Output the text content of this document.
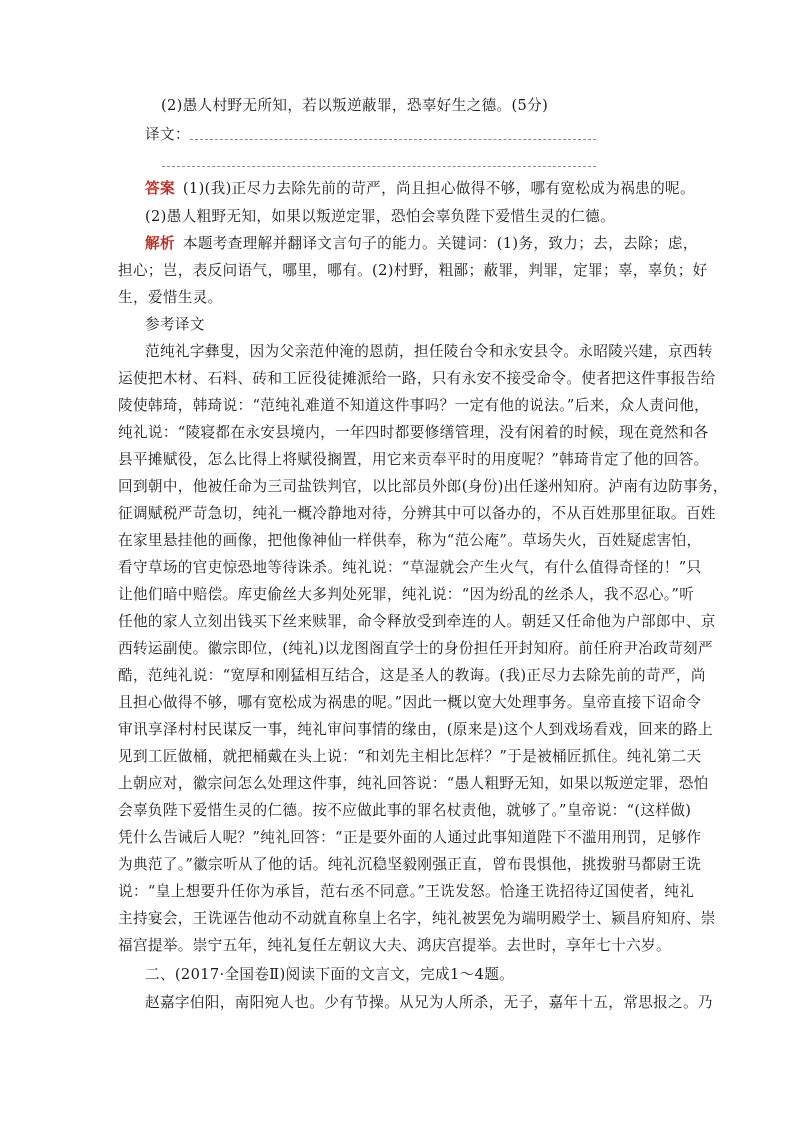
(2)愚人村野无所知，若以叛逆蔽罪，恐辜好生之德。(5分)
译文：
答案 (1)(我)正尽力去除先前的苛严，尚且担心做得不够，哪有宽松成为祸患的呢。
(2)愚人粗野无知，如果以叛逆定罪，恐怕会辜负陛下爱惜生灵的仁德。
解析 本题考查理解并翻译文言句子的能力。关键词：(1)务，致力；去，去除；虑，
担心；岂，表反问语气，哪里，哪有。(2)村野，粗鄙；蔽罪，判罪，定罪；辜，辜负；好
生，爱惜生灵。
参考译文
范纯礼字彝叟，因为父亲范仲淹的恩荫，担任陵台令和永安县令。永昭陵兴建，京西转
运使把木材、石料、砖和工匠役徒摊派给一路，只有永安不接受命令。使者把这件事报告给
陵使韩琦，韩琦说：“范纯礼难道不知道这件事吗？一定有他的说法。”后来，众人责问他，
纯礼说：“陵寝都在永安县境内，一年四时都要修缮管理，没有闲着的时候，现在竟然和各
县平摊赋役，怎么比得上将赋役搁置，用它来贡奉平时的用度呢？”韩琦肯定了他的回答。
回到朝中，他被任命为三司盐铁判官，以比部员外郎(身份)出任遂州知府。泸南有边防事务，
征调赋税严苛急切，纯礼一概冷静地对待，分辨其中可以备办的，不从百姓那里征取。百姓
在家里悬挂他的画像，把他像神仙一样供奉，称为“范公庵”。草场失火，百姓疑虑害怕，
看守草场的官吏惊恐地等待诛杀。纯礼说：“草湿就会产生火气，有什么值得奇怪的！”只
让他们暗中赔偿。库吏偷丝大多判处死罪，纯礼说：“因为纷乱的丝杀人，我不忍心。”听
任他的家人立刻出钱买下丝来赎罪，命令释放受到牵连的人。朝廷又任命他为户部郎中、京
西转运副使。徽宗即位，(纯礼)以龙图阁直学士的身份担任开封知府。前任府尹冶政苛刻严
酷，范纯礼说：“宽厚和刚猛相互结合，这是圣人的教诲。(我)正尽力去除先前的苛严，尚
且担心做得不够，哪有宽松成为祸患的呢。”因此一概以宽大处理事务。皇帝直接下诏命令
审讯享泽村村民谋反一事，纯礼审问事情的缘由，(原来是)这个人到戏场看戏，回来的路上
见到工匠做桶，就把桶戴在头上说：“和刘先主相比怎样？”于是被桶匠抓住。纯礼第二天
上朝应对，徽宗问怎么处理这件事，纯礼回答说：“愚人粗野无知，如果以叛逆定罪，恐怕
会辜负陛下爱惜生灵的仁德。按不应做此事的罪名杖责他，就够了。”皇帝说：“(这样做)
凭什么告诫后人呢？”纯礼回答：“正是要外面的人通过此事知道陛下不滥用刑罚，足够作
为典范了。”徽宗听从了他的话。纯礼沉稳坚毅刚强正直，曾布畏惧他，挑拨驸马都尉王诜
说：“皇上想要升任你为承旨，范右丞不同意。”王诜发怒。恰逢王诜招待辽国使者，纯礼
主持宴会，王诜诬告他动不动就直称皇上名字，纯礼被罢免为端明殿学士、颍昌府知府、崇
福宫提举。崇宁五年，纯礼复任左朝议大夫、鸿庆宫提举。去世时，享年七十六岁。
二、(2017·全国卷Ⅱ)阅读下面的文言文，完成1～4题。
赵嘉字伯阳，南阳宛人也。少有节操。从兄为人所杀，无子，嘉年十五，常思报之。乃
